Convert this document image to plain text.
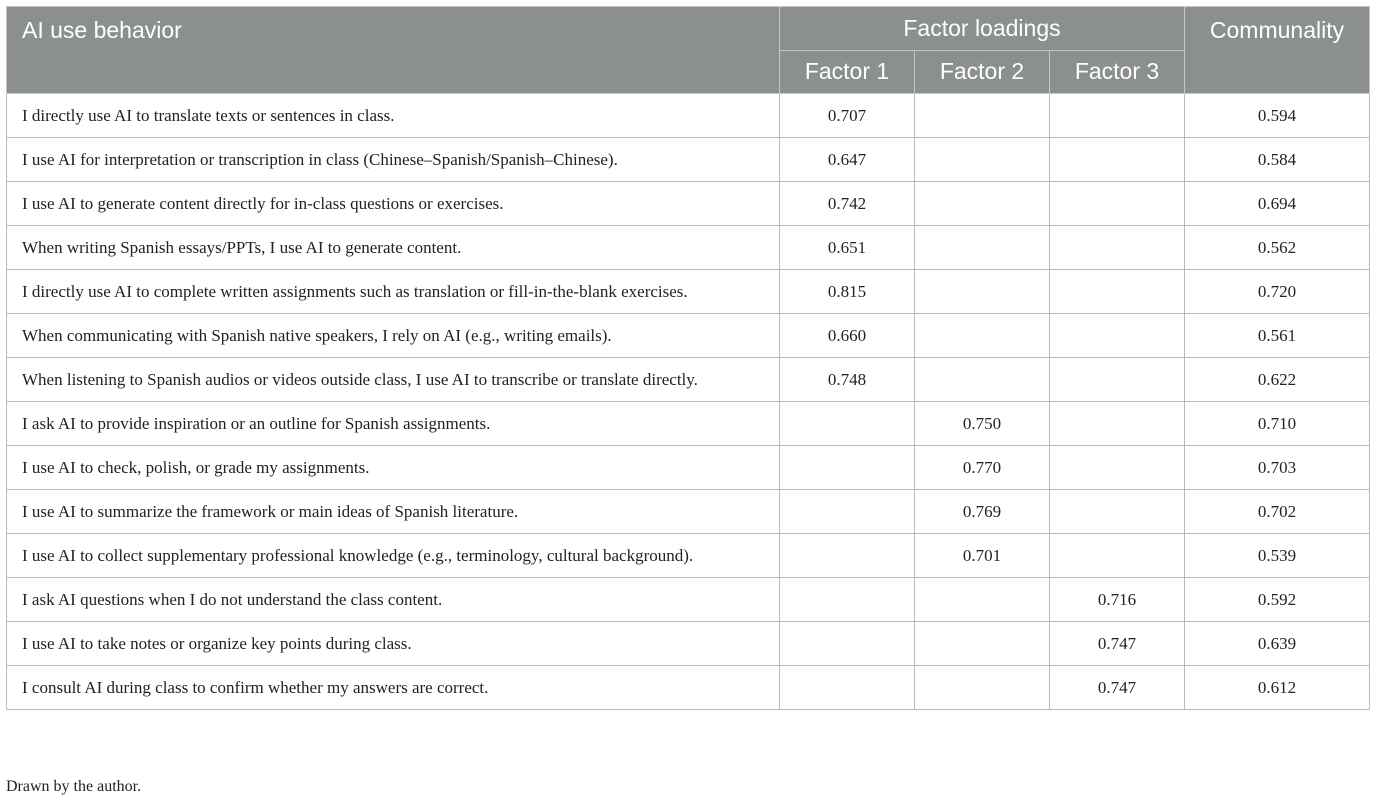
AI use behavior	Factor loadings			Communality
	Factor 1	Factor 2	Factor 3	
I directly use AI to translate texts or sentences in class.	0.707			0.594
I use AI for interpretation or transcription in class (Chinese–Spanish/Spanish–Chinese).	0.647			0.584
I use AI to generate content directly for in-class questions or exercises.	0.742			0.694
When writing Spanish essays/PPTs, I use AI to generate content.	0.651			0.562
I directly use AI to complete written assignments such as translation or fill-in-the-blank exercises.	0.815			0.720
When communicating with Spanish native speakers, I rely on AI (e.g., writing emails).	0.660			0.561
When listening to Spanish audios or videos outside class, I use AI to transcribe or translate directly.	0.748			0.622
I ask AI to provide inspiration or an outline for Spanish assignments.		0.750		0.710
I use AI to check, polish, or grade my assignments.		0.770		0.703
I use AI to summarize the framework or main ideas of Spanish literature.		0.769		0.702
I use AI to collect supplementary professional knowledge (e.g., terminology, cultural background).		0.701		0.539
I ask AI questions when I do not understand the class content.			0.716	0.592
I use AI to take notes or organize key points during class.			0.747	0.639
I consult AI during class to confirm whether my answers are correct.			0.747	0.612
Drawn by the author.
